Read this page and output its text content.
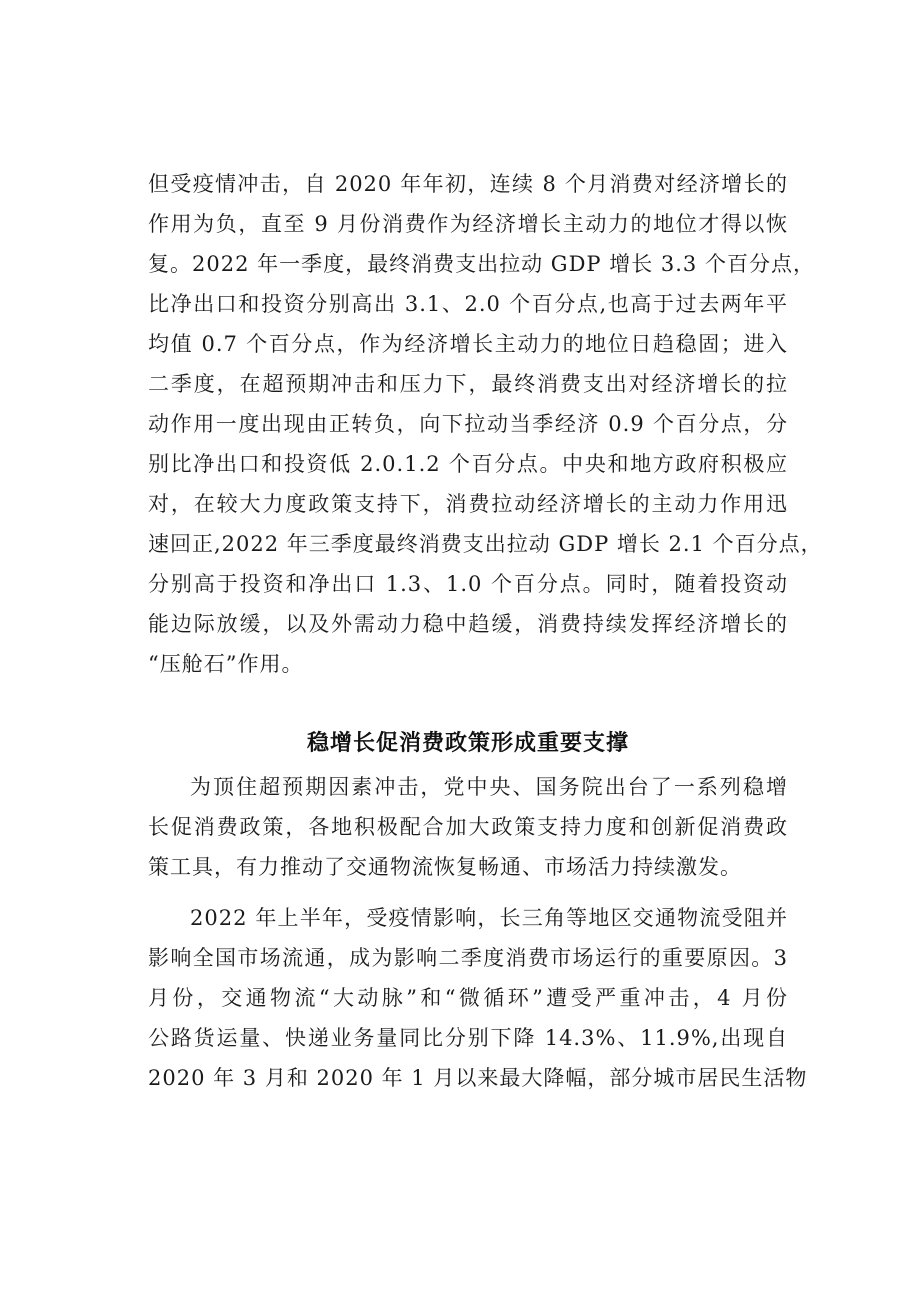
但受疫情冲击，自 2020 年年初，连续 8 个月消费对经济增长的
作用为负，直至 9 月份消费作为经济增长主动力的地位才得以恢
复。2022 年一季度，最终消费支出拉动 GDP 增长 3.3 个百分点，
比净出口和投资分别高出 3.1、2.0 个百分点,也高于过去两年平
均值 0.7 个百分点，作为经济增长主动力的地位日趋稳固；进入
二季度，在超预期冲击和压力下，最终消费支出对经济增长的拉
动作用一度出现由正转负，向下拉动当季经济 0.9 个百分点，分
别比净出口和投资低 2.0.1.2 个百分点。中央和地方政府积极应
对，在较大力度政策支持下，消费拉动经济增长的主动力作用迅
速回正,2022 年三季度最终消费支出拉动 GDP 增长 2.1 个百分点，
分别高于投资和净出口 1.3、1.0 个百分点。同时，随着投资动
能边际放缓，以及外需动力稳中趋缓，消费持续发挥经济增长的
“压舱石”作用。
稳增长促消费政策形成重要支撑
为顶住超预期因素冲击，党中央、国务院出台了一系列稳增
长促消费政策，各地积极配合加大政策支持力度和创新促消费政
策工具，有力推动了交通物流恢复畅通、市场活力持续激发。
2022 年上半年，受疫情影响，长三角等地区交通物流受阻并
影响全国市场流通，成为影响二季度消费市场运行的重要原因。3
月份，交通物流“大动脉”和“微循环”遭受严重冲击，4 月份
公路货运量、快递业务量同比分别下降 14.3%、11.9%,出现自
2020 年 3 月和 2020 年 1 月以来最大降幅，部分城市居民生活物
